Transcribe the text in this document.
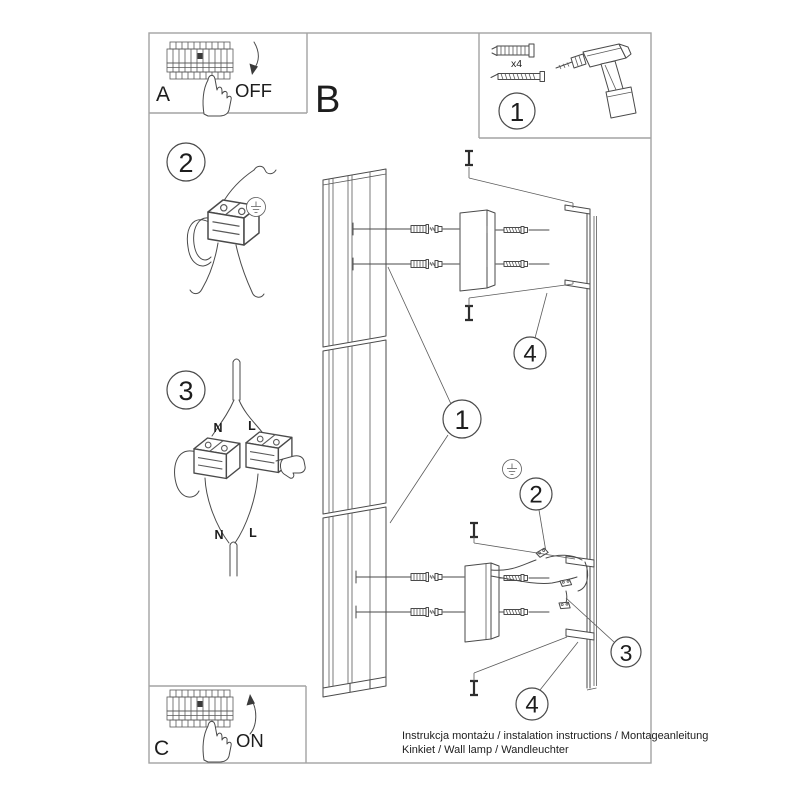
A	OFF B
x4
1
2
3
N L
N L
C	ON
4
1
2
3
4
Instrukcja montażu / instalation instructions / Montageanleitung
Kinkiet / Wall lamp / Wandleuchter
